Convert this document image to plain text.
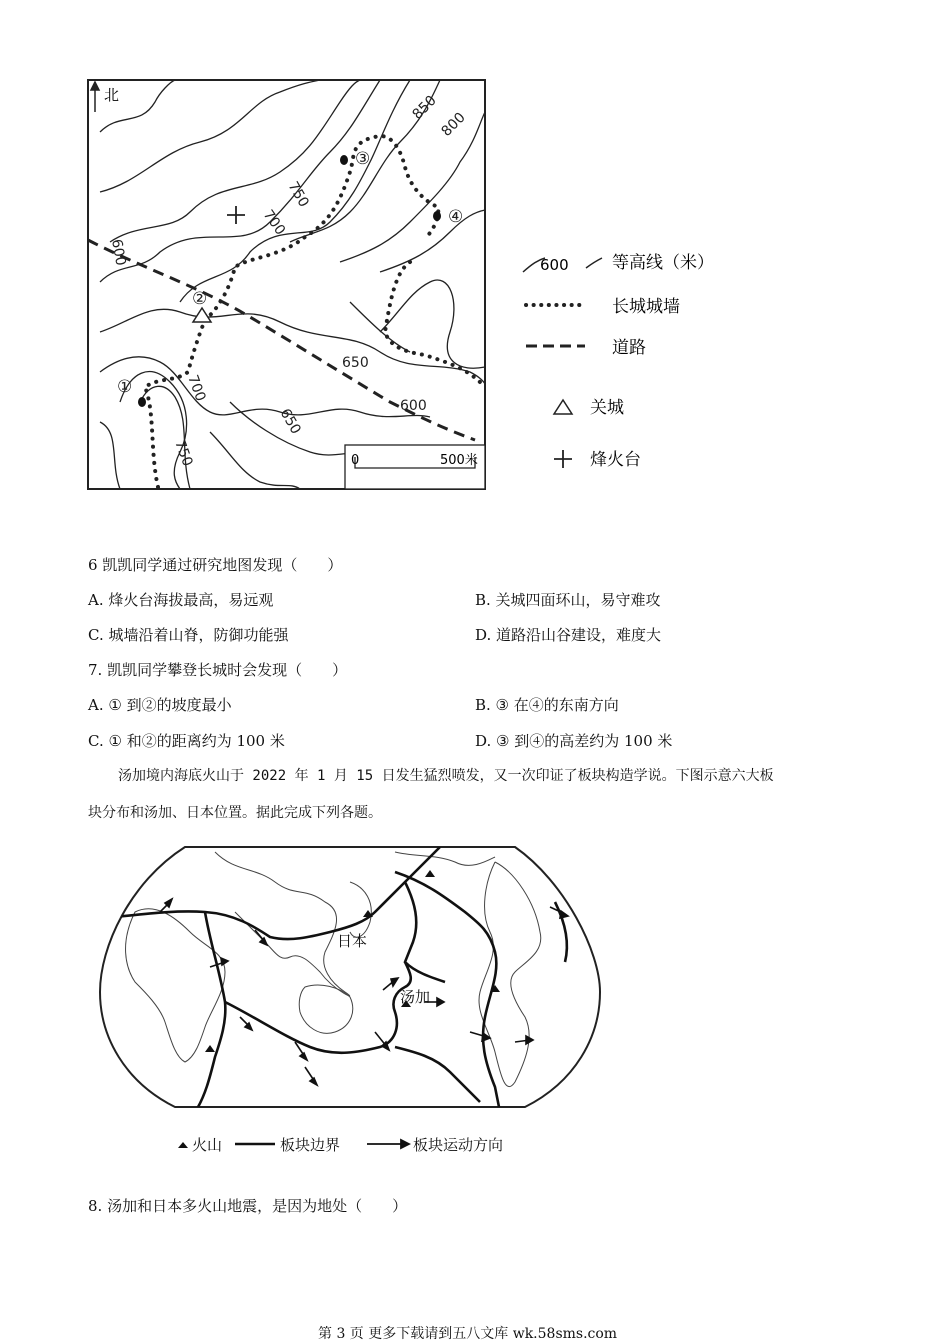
北
600
750
700
850
800
650
600
700
750
650
①
②
③
④
0	500米
600	等高线（米）
长城城墙
道路
关城
烽火台
6 凯凯同学通过研究地图发现（　　）
A. 烽火台海拔最高，易远观	B. 关城四面环山，易守难攻
C. 城墙沿着山脊，防御功能强	D. 道路沿山谷建设，难度大
7. 凯凯同学攀登长城时会发现（　　）
A. ① 到②的坡度最小	B. ③ 在④的东南方向
C. ① 和②的距离约为 100 米	D. ③ 到④的高差约为 100 米
汤加境内海底火山于 2022 年 1 月 15 日发生猛烈喷发，又一次印证了板块构造学说。下图示意六大板
块分布和汤加、日本位置。据此完成下列各题。
日本
汤加
火山	板块边界	板块运动方向
8. 汤加和日本多火山地震，是因为地处（　　）
第 3 页 更多下载请到五八文库 wk.58sms.com
